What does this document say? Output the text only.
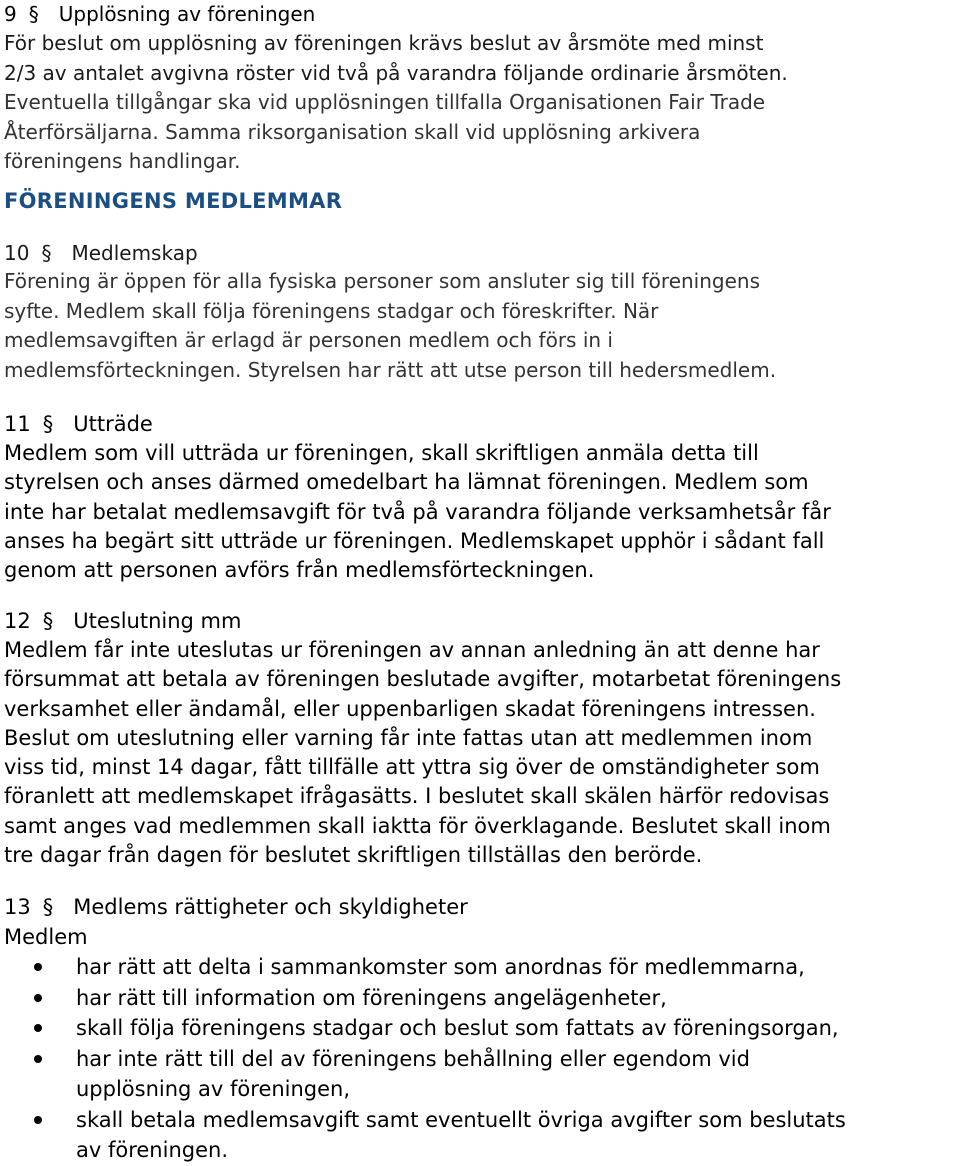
9 § Upplösning av föreningen

För beslut om upplösning av föreningen krävs beslut av årsmöte med minst
2/3 av antalet avgivna röster vid två på varandra följande ordinarie årsmöten.

Eventuella tillgångar ska vid upplösningen tillfalla Organisationen Fair Trade
Återförsäljarna. Samma riksorganisation skall vid upplösning arkivera
föreningens handlingar.

FÖRENINGENS MEDLEMMAR
10 § Medlemskap

Förening är öppen för alla fysiska personer som ansluter sig till föreningens
syfte. Medlem skall följa föreningens stadgar och föreskrifter. När
medlemsavgiften är erlagd är personen medlem och förs in i
medlemsförteckningen. Styrelsen har rätt att utse person till hedersmedlem.

11 § Utträde

Medlem som vill utträda ur föreningen, skall skriftligen anmäla detta till
styrelsen och anses därmed omedelbart ha lämnat föreningen. Medlem som
inte har betalat medlemsavgift för två på varandra följande verksamhetsår får
anses ha begärt sitt utträde ur föreningen. Medlemskapet upphör i sådant fall
genom att personen avförs från medlemsförteckningen.

12 § Uteslutning mm

Medlem får inte uteslutas ur föreningen av annan anledning än att denne har
försummat att betala av föreningen beslutade avgifter, motarbetat föreningens
verksamhet eller ändamål, eller uppenbarligen skadat föreningens intressen.
Beslut om uteslutning eller varning får inte fattas utan att medlemmen inom
viss tid, minst 14 dagar, fått tillfälle att yttra sig över de omständigheter som
föranlett att medlemskapet ifrågasätts. I beslutet skall skälen härför redovisas
samt anges vad medlemmen skall iaktta för överklagande. Beslutet skall inom
tre dagar från dagen för beslutet skriftligen tillställas den berörde.

13 § Medlems rättigheter och skyldigheter

Medlem

har rätt att delta i sammankomster som anordnas för medlemmarna,
har rätt till information om föreningens angelägenheter,
skall följa föreningens stadgar och beslut som fattats av föreningsorgan,
har inte rätt till del av föreningens behållning eller egendom vid
upplösning av föreningen,
skall betala medlemsavgift samt eventuellt övriga avgifter som beslutats
av föreningen.
